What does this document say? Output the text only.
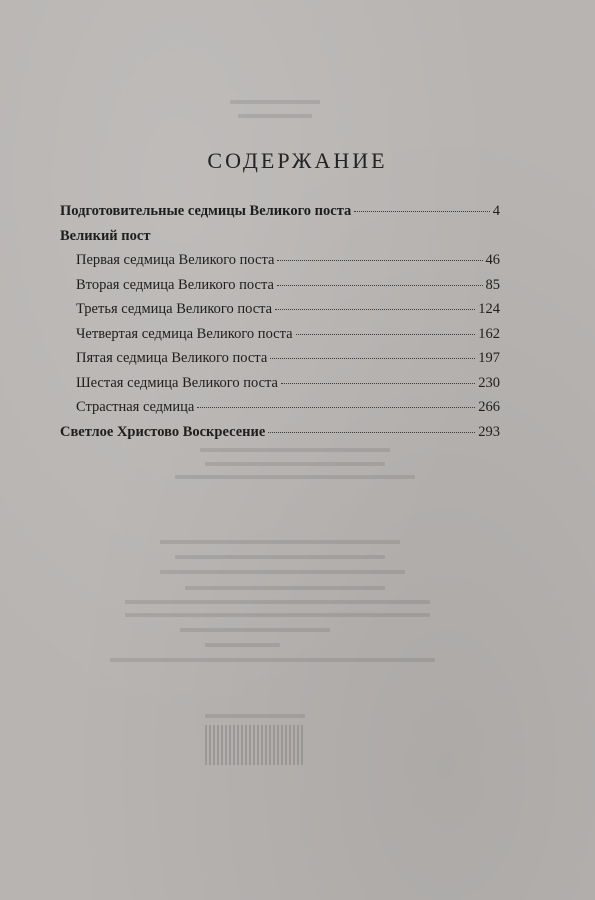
СОДЕРЖАНИЕ
Подготовительные седмицы Великого поста	4
Великий пост
Первая седмица Великого поста	46
Вторая седмица Великого поста	85
Третья седмица Великого поста	124
Четвертая седмица Великого поста	162
Пятая седмица Великого поста	197
Шестая седмица Великого поста	230
Страстная седмица	266
Светлое Христово Воскресение	293
